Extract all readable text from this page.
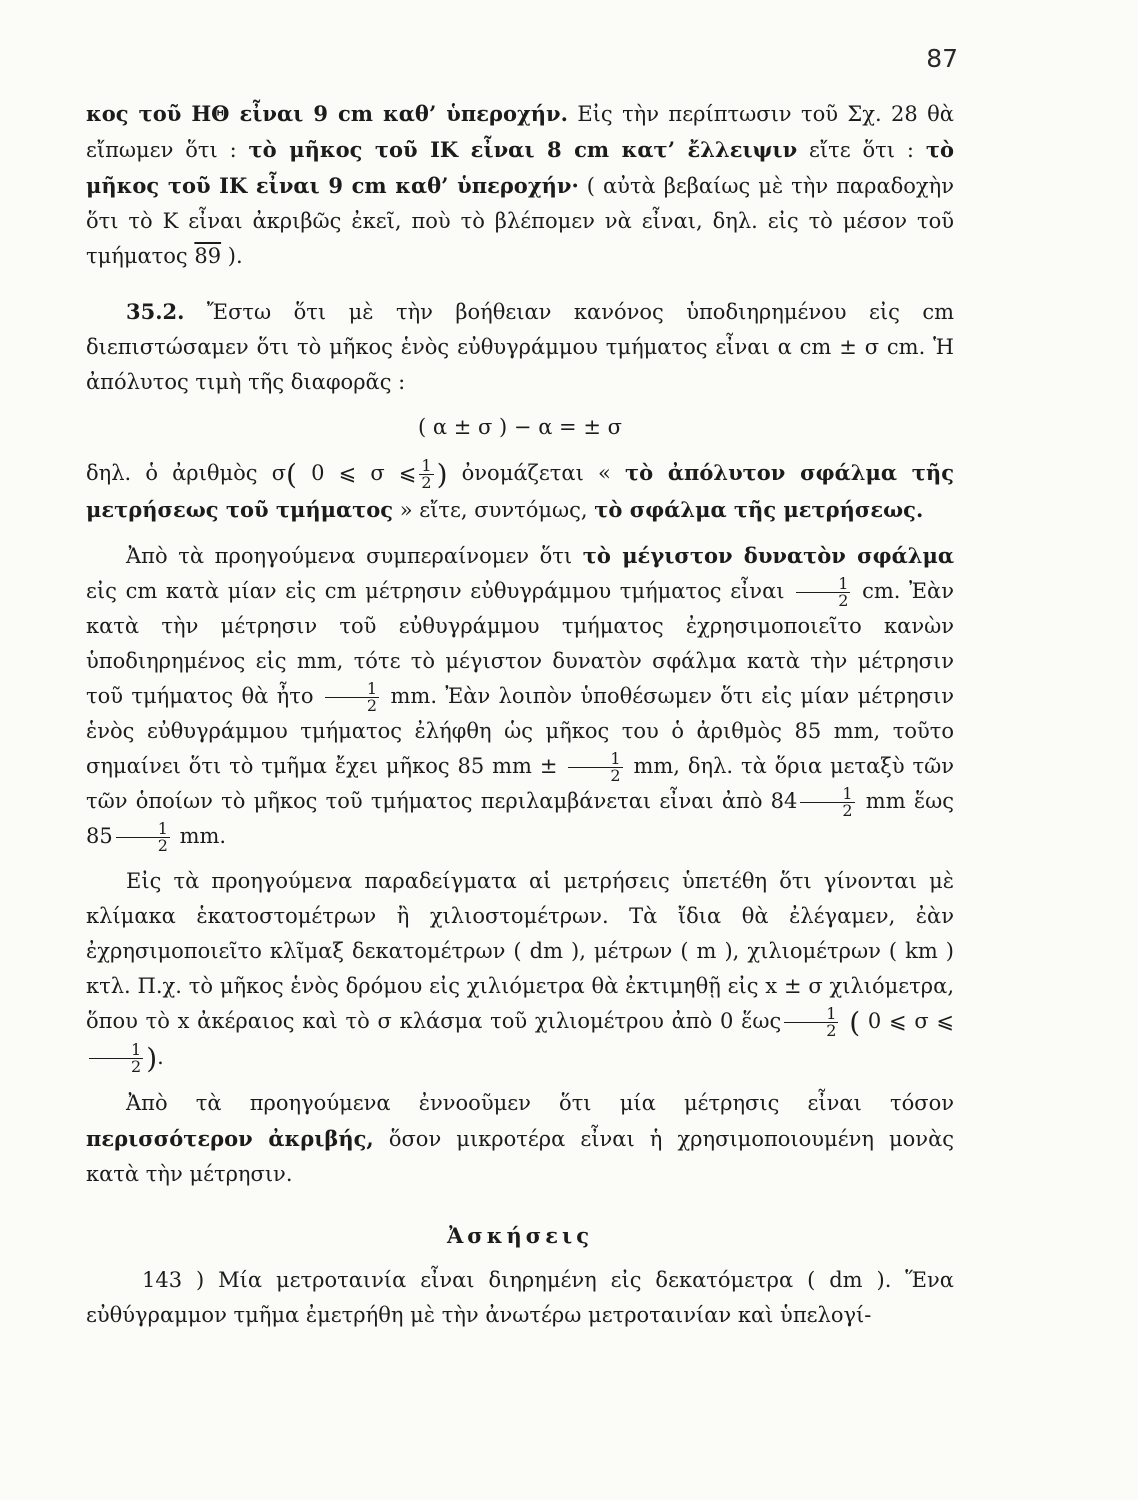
87

κος τοῦ ΗΘ εἶναι 9 cm καθ’ ὑπεροχήν. Εἰς τὴν περίπτωσιν τοῦ Σχ. 28 θὰ εἴπωμεν ὅτι : τὸ μῆκος τοῦ ΙΚ εἶναι 8 cm κατ’ ἔλλειψιν εἴτε ὅτι : τὸ μῆκος τοῦ ΙΚ εἶναι 9 cm καθ’ ὑπεροχήν· ( αὐτὰ βεβαίως μὲ τὴν παραδοχὴν ὅτι τὸ Κ εἶναι ἀκριβῶς ἐκεῖ, ποὺ τὸ βλέπομεν νὰ εἶναι, δηλ. εἰς τὸ μέσον τοῦ τμήματος 89 ).

35.2. Ἔστω ὅτι μὲ τὴν βοήθειαν κανόνος ὑποδιηρημένου εἰς cm διεπιστώσαμεν ὅτι τὸ μῆκος ἑνὸς εὐθυγράμμου τμήματος εἶναι α cm ± σ cm. Ἡ ἀπόλυτος τιμὴ τῆς διαφορᾶς :

( α ± σ ) − α = ± σ

δηλ. ὁ ἀριθμὸς σ( 0 ⩽ σ ⩽ $\frac{1}{2}$ ) ὀνομάζεται « τὸ ἀπόλυτον σφάλμα τῆς μετρήσεως τοῦ τμήματος » εἴτε, συντόμως, τὸ σφάλμα τῆς μετρήσεως.

Ἀπὸ τὰ προηγούμενα συμπεραίνομεν ὅτι τὸ μέγιστον δυνατὸν σφάλμα εἰς cm κατὰ μίαν εἰς cm μέτρησιν εὐθυγράμμου τμήματος εἶναι $\frac{1}{2}$ cm. Ἐὰν κατὰ τὴν μέτρησιν τοῦ εὐθυγράμμου τμήματος ἐχρησιμοποιεῖτο κανὼν ὑποδιηρημένος εἰς mm, τότε τὸ μέγιστον δυνατὸν σφάλμα κατὰ τὴν μέτρησιν τοῦ τμήματος θὰ ἦτο $\frac{1}{2}$ mm. Ἐὰν λοιπὸν ὑποθέσωμεν ὅτι εἰς μίαν μέτρησιν ἑνὸς εὐθυγράμμου τμήματος ἐλήφθη ὡς μῆκος του ὁ ἀριθμὸς 85 mm, τοῦτο σημαίνει ὅτι τὸ τμῆμα ἔχει μῆκος 85 mm ± $\frac{1}{2}$ mm, δηλ. τὰ ὅρια μεταξὺ τῶν τῶν ὁποίων τὸ μῆκος τοῦ τμήματος περιλαμβάνεται εἶναι ἀπὸ $84 \frac{1}{2}$ mm ἕως $85 \frac{1}{2}$ mm.

Εἰς τὰ προηγούμενα παραδείγματα αἱ μετρήσεις ὑπετέθη ὅτι γίνονται μὲ κλίμακα ἑκατοστομέτρων ἢ χιλιοστομέτρων. Τὰ ἴδια θὰ ἐλέγαμεν, ἐὰν ἐχρησιμοποιεῖτο κλῖμαξ δεκατομέτρων ( dm ), μέτρων ( m ), χιλιομέτρων ( km ) κτλ. Π.χ. τὸ μῆκος ἑνὸς δρόμου εἰς χιλιόμετρα θὰ ἐκτιμηθῇ εἰς x ± σ χιλιόμετρα, ὅπου τὸ x ἀκέραιος καὶ τὸ σ κλάσμα τοῦ χιλιομέτρου ἀπὸ 0 ἕως $\frac{1}{2}$ ( 0 ⩽ σ ⩽
$\frac{1}{2}$ ).

Ἀπὸ τὰ προηγούμενα ἐννοοῦμεν ὅτι μία μέτρησις εἶναι τόσον περισσότερον ἀκριβής, ὅσον μικροτέρα εἶναι ἡ χρησιμοποιουμένη μονὰς κατὰ τὴν μέτρησιν.

Ἀσκήσεις

143 ) Μία μετροταινία εἶναι διηρημένη εἰς δεκατόμετρα ( dm ). Ἕνα εὐθύγραμμον τμῆμα ἐμετρήθη μὲ τὴν ἀνωτέρω μετροταινίαν καὶ ὑπελογί-
